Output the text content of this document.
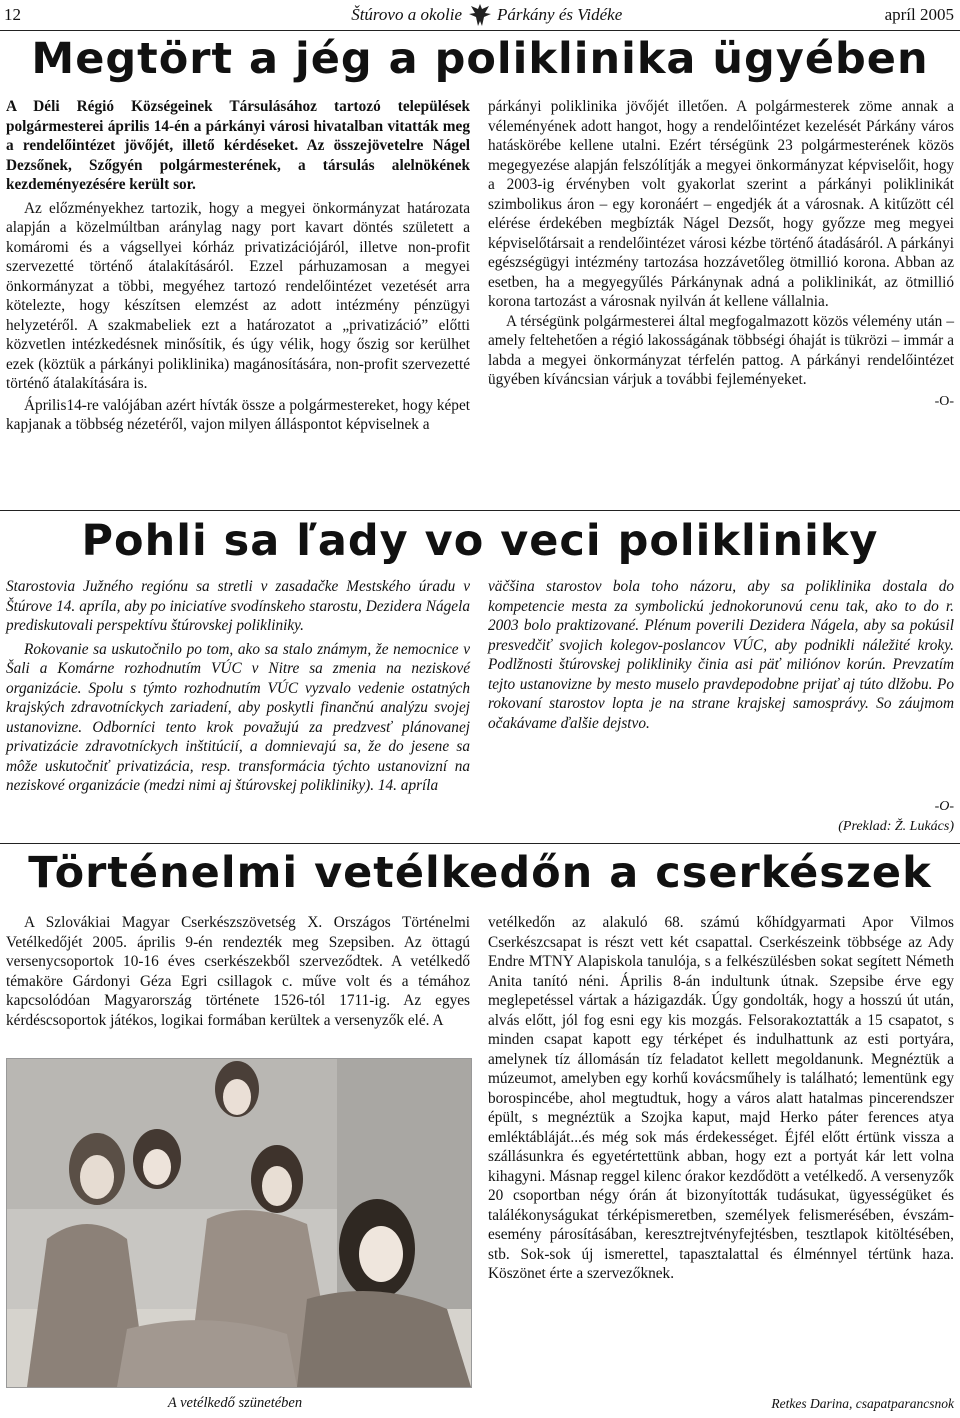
12	Štúrovo a okolie Párkány és Vidéke	apríl 2005
Megtört a jég a poliklinika ügyében

A Déli Régió Községeinek Társulásához tartozó települések polgármesterei április 14-én a párkányi városi hivatalban vitatták meg a rendelőintézet jövőjét, illető kérdéseket. Az összejövetelre Nágel Dezsőnek, Szőgyén polgármesterének, a társulás alelnökének kezdeményezésére került sor.

Az előzményekhez tartozik, hogy a megyei önkormányzat határozata alapján a közelmúltban aránylag nagy port kavart döntés született a komáromi és a vágsellyei kórház privatizációjáról, illetve non-profit szervezetté történő átalakításáról. Ezzel párhuzamosan a megyei önkormányzat a többi, megyéhez tartozó rendelőintézet vezetését arra kötelezte, hogy készítsen elemzést az adott intézmény pénzügyi helyzetéről. A szakmabeliek ezt a határozatot a „privatizáció” előtti közvetlen intézkedésnek minősítik, és úgy vélik, hogy őszig sor kerülhet ezek (köztük a párkányi poliklinika) magánosítására, non-profit szervezetté történő átalakítására is.

Április14-re valójában azért hívták össze a polgármestereket, hogy képet kapjanak a többség nézetéről, vajon milyen álláspontot képviselnek a

párkányi poliklinika jövőjét illetően. A polgármesterek zöme annak a véleményének adott hangot, hogy a rendelőintézet kezelését Párkány város hatáskörébe kellene utalni. Ezért térségünk 23 polgármesterének közös megegyezése alapján felszólítják a megyei önkormányzat képviselőit, hogy a 2003-ig érvényben volt gyakorlat szerint a párkányi poliklinikát szimbolikus áron – egy koronáért – engedjék át a városnak. A kitűzött cél elérése érdekében megbízták Nágel Dezsőt, hogy győzze meg megyei képviselőtársait a rendelőintézet városi kézbe történő átadásáról. A párkányi egészségügyi intézmény tartozása hozzávetőleg ötmillió korona. Abban az esetben, ha a megyegyűlés Párkánynak adná a poliklinikát, az ötmillió korona tartozást a városnak nyilván át kellene vállalnia.

A térségünk polgármesterei által megfogalmazott közös vélemény után – amely feltehetően a régió lakosságának többségi óhaját is tükrözi – immár a labda a megyei önkormányzat térfelén pattog. A párkányi rendelőintézet ügyében kíváncsian várjuk a további fejleményeket.

-O-

Pohli sa ľady vo veci polikliniky

Starostovia Južného regiónu sa stretli v zasadačke Mestského úradu v Štúrove 14. apríla, aby po iniciatíve svodínskeho starostu, Dezidera Nágela prediskutovali perspektívu štúrovskej polikliniky.

Rokovanie sa uskutočnilo po tom, ako sa stalo známym, že nemocnice v Šali a Komárne rozhodnutím VÚC v Nitre sa zmenia na neziskové organizácie. Spolu s týmto rozhodnutím VÚC vyzvalo vedenie ostatných krajských zdravotníckych zariadení, aby poskytli finančnú analýzu svojej ustanovizne. Odborníci tento krok považujú za predzvesť plánovanej privatizácie zdravotníckych inštitúcií, a domnievajú sa, že do jesene sa môže uskutočniť privatizácia, resp. transformácia týchto ustanovizní na neziskové organizácie (medzi nimi aj štúrovskej polikliniky). 14. apríla

väčšina starostov bola toho názoru, aby sa poliklinika dostala do kompetencie mesta za symbolickú jednokorunovú cenu tak, ako to do r. 2003 bolo praktizované. Plénum poverili Dezidera Nágela, aby sa pokúsil presvedčiť svojich kolegov-poslancov VÚC, aby podnikli náležité kroky. Podlžnosti štúrovskej polikliniky činia asi päť miliónov korún. Prevzatím tejto ustanovizne by mesto muselo pravdepodobne prijať aj túto dlžobu. Po rokovaní starostov lopta je na strane krajskej samosprávy. So záujmom očakávame ďalšie dejstvo.

-O-

(Preklad: Ž. Lukács)

Történelmi vetélkedőn a cserkészek

A Szlovákiai Magyar Cserkészszövetség X. Országos Történelmi Vetélkedőjét 2005. április 9-én rendezték meg Szepsiben. Az öttagú versenycsoportok 10-16 éves cserkészekből szerveződtek. A vetélkedő témaköre Gárdonyi Géza Egri csillagok c. műve volt és a témához kapcsolódóan Magyarország története 1526-tól 1711-ig. Az egyes kérdéscsoportok játékos, logikai formában kerültek a versenyzők elé. A

A vetélkedő szünetében

vetélkedőn az alakuló 68. számú kőhídgyarmati Apor Vilmos Cserkészcsapat is részt vett két csapattal. Cserkészeink többsége az Ady Endre MTNY Alapiskola tanulója, s a felkészülésben sokat segített Németh Anita tanító néni. Április 8-án indultunk útnak. Szepsibe érve egy meglepetéssel vártak a házigazdák. Úgy gondolták, hogy a hosszú út után, alvás előtt, jól fog esni egy kis mozgás. Felsorakoztatták a 15 csapatot, s minden csapat kapott egy térképet és indulhattunk az esti portyára, amelynek tíz állomásán tíz feladatot kellett megoldanunk. Megnéztük a múzeumot, amelyben egy korhű kovácsműhely is található; lementünk egy borospincébe, ahol megtudtuk, hogy a város alatt hatalmas pincerendszer épült, s megnéztük a Szojka kaput, majd Herko páter ferences atya emléktábláját...és még sok más érdekességet. Éjfél előtt értünk vissza a szállásunkra és egyetértettünk abban, hogy ezt a portyát kár lett volna kihagyni. Másnap reggel kilenc órakor kezdődött a vetélkedő. A versenyzők 20 csoportban négy órán át bizonyították tudásukat, ügyességüket és találékonyságukat térképismeretben, személyek felismerésében, évszám-esemény párosításában, keresztrejtvényfejtésben, tesztlapok kitöltésében, stb. Sok-sok új ismerettel, tapasztalattal és élménnyel tértünk haza. Köszönet érte a szervezőknek.

Retkes Darina, csapatparancsnok
